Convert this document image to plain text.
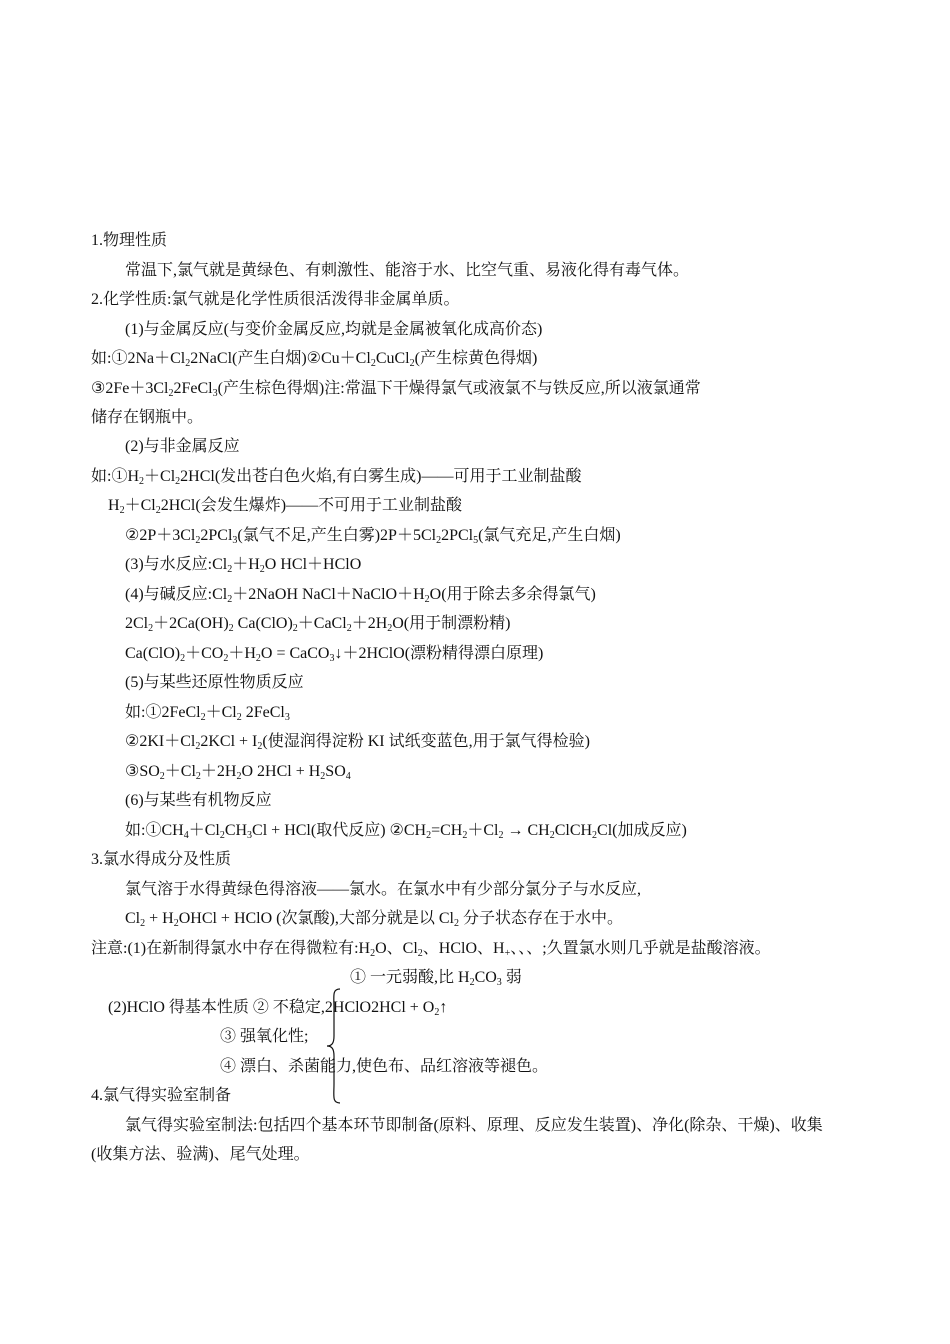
1.物理性质
常温下,氯气就是黄绿色、有刺激性、能溶于水、比空气重、易液化得有毒气体。
2.化学性质:氯气就是化学性质很活泼得非金属单质。
(1)与金属反应(与变价金属反应,均就是金属被氧化成高价态)
如$:①2Na+Cl_22NaCl$(产生白烟)$②Cu+Cl_2CuCl_2$(产生棕黄色得烟)
$③2Fe+3Cl_22FeCl_3$(产生棕色得烟)注:常温下干燥得氯气或液氯不与铁反应,所以液氯通常
储存在钢瓶中。
(2)与非金属反应
如$:①H_2+Cl_22HCl$(发出苍白色火焰,有白雾生成)——可用于工业制盐酸
$H_2+Cl_22HCl$(会发生爆炸)——不可用于工业制盐酸
$②2P+3Cl_22PCl_3$(氯气不足,产生白雾)$2P+5Cl_22PCl_5$(氯气充足,产生白烟)
(3)与水反应$:Cl_2+H_2O$ HCl＋HClO
(4)与碱反应$:Cl_2+2NaOH$ $NaCl+NaClO+H_2O$(用于除去多余得氯气)
$2Cl_2+2Ca(OH)_2$ $Ca(ClO)_2+CaCl_2+2H_2O$(用于制漂粉精)
$Ca(ClO)_2+CO_2+H_2O$ = CaCO$_3$↓＋2HClO(漂粉精得漂白原理)
(5)与某些还原性物质反应
如$:①2FeCl_2+Cl_2$ 2FeCl$_3$
$②2KI+Cl_22KCl + I_2$(使湿润得淀粉 KI 试纸变蓝色,用于氯气得检验)
$③SO_2+Cl_2+2H_2O$ $2HCl + H_2SO_4$
(6)与某些有机物反应
如$:①CH_4+Cl_2CH_3Cl + HCl$(取代反应) $②CH_2=CH_2+Cl_2$ → $CH_2ClCH_2Cl$(加成反应)
3.氯水得成分及性质
氯气溶于水得黄绿色得溶液——氯水。在氯水中有少部分氯分子与水反应,
$Cl_2$ + $H_2OHCl$ + HClO (次氯酸),大部分就是以 $Cl_2$ 分子状态存在于水中。
注意:(1)在新制得氯水中存在得微粒有$:H_2O$、$Cl_2$、HClO、$H_+$、、、;久置氯水则几乎就是盐酸溶液。
① 一元弱酸,比 $H_2CO_3$ 弱
(2)HClO 得基本性质 ② 不稳定,2HClO2HCl + $O_2↑$
③ 强氧化性;
④ 漂白、杀菌能力,使色布、品红溶液等褪色。
4.氯气得实验室制备
氯气得实验室制法:包括四个基本环节即制备(原料、原理、反应发生装置)、净化(除杂、干燥)、收集
(收集方法、验满)、尾气处理。
